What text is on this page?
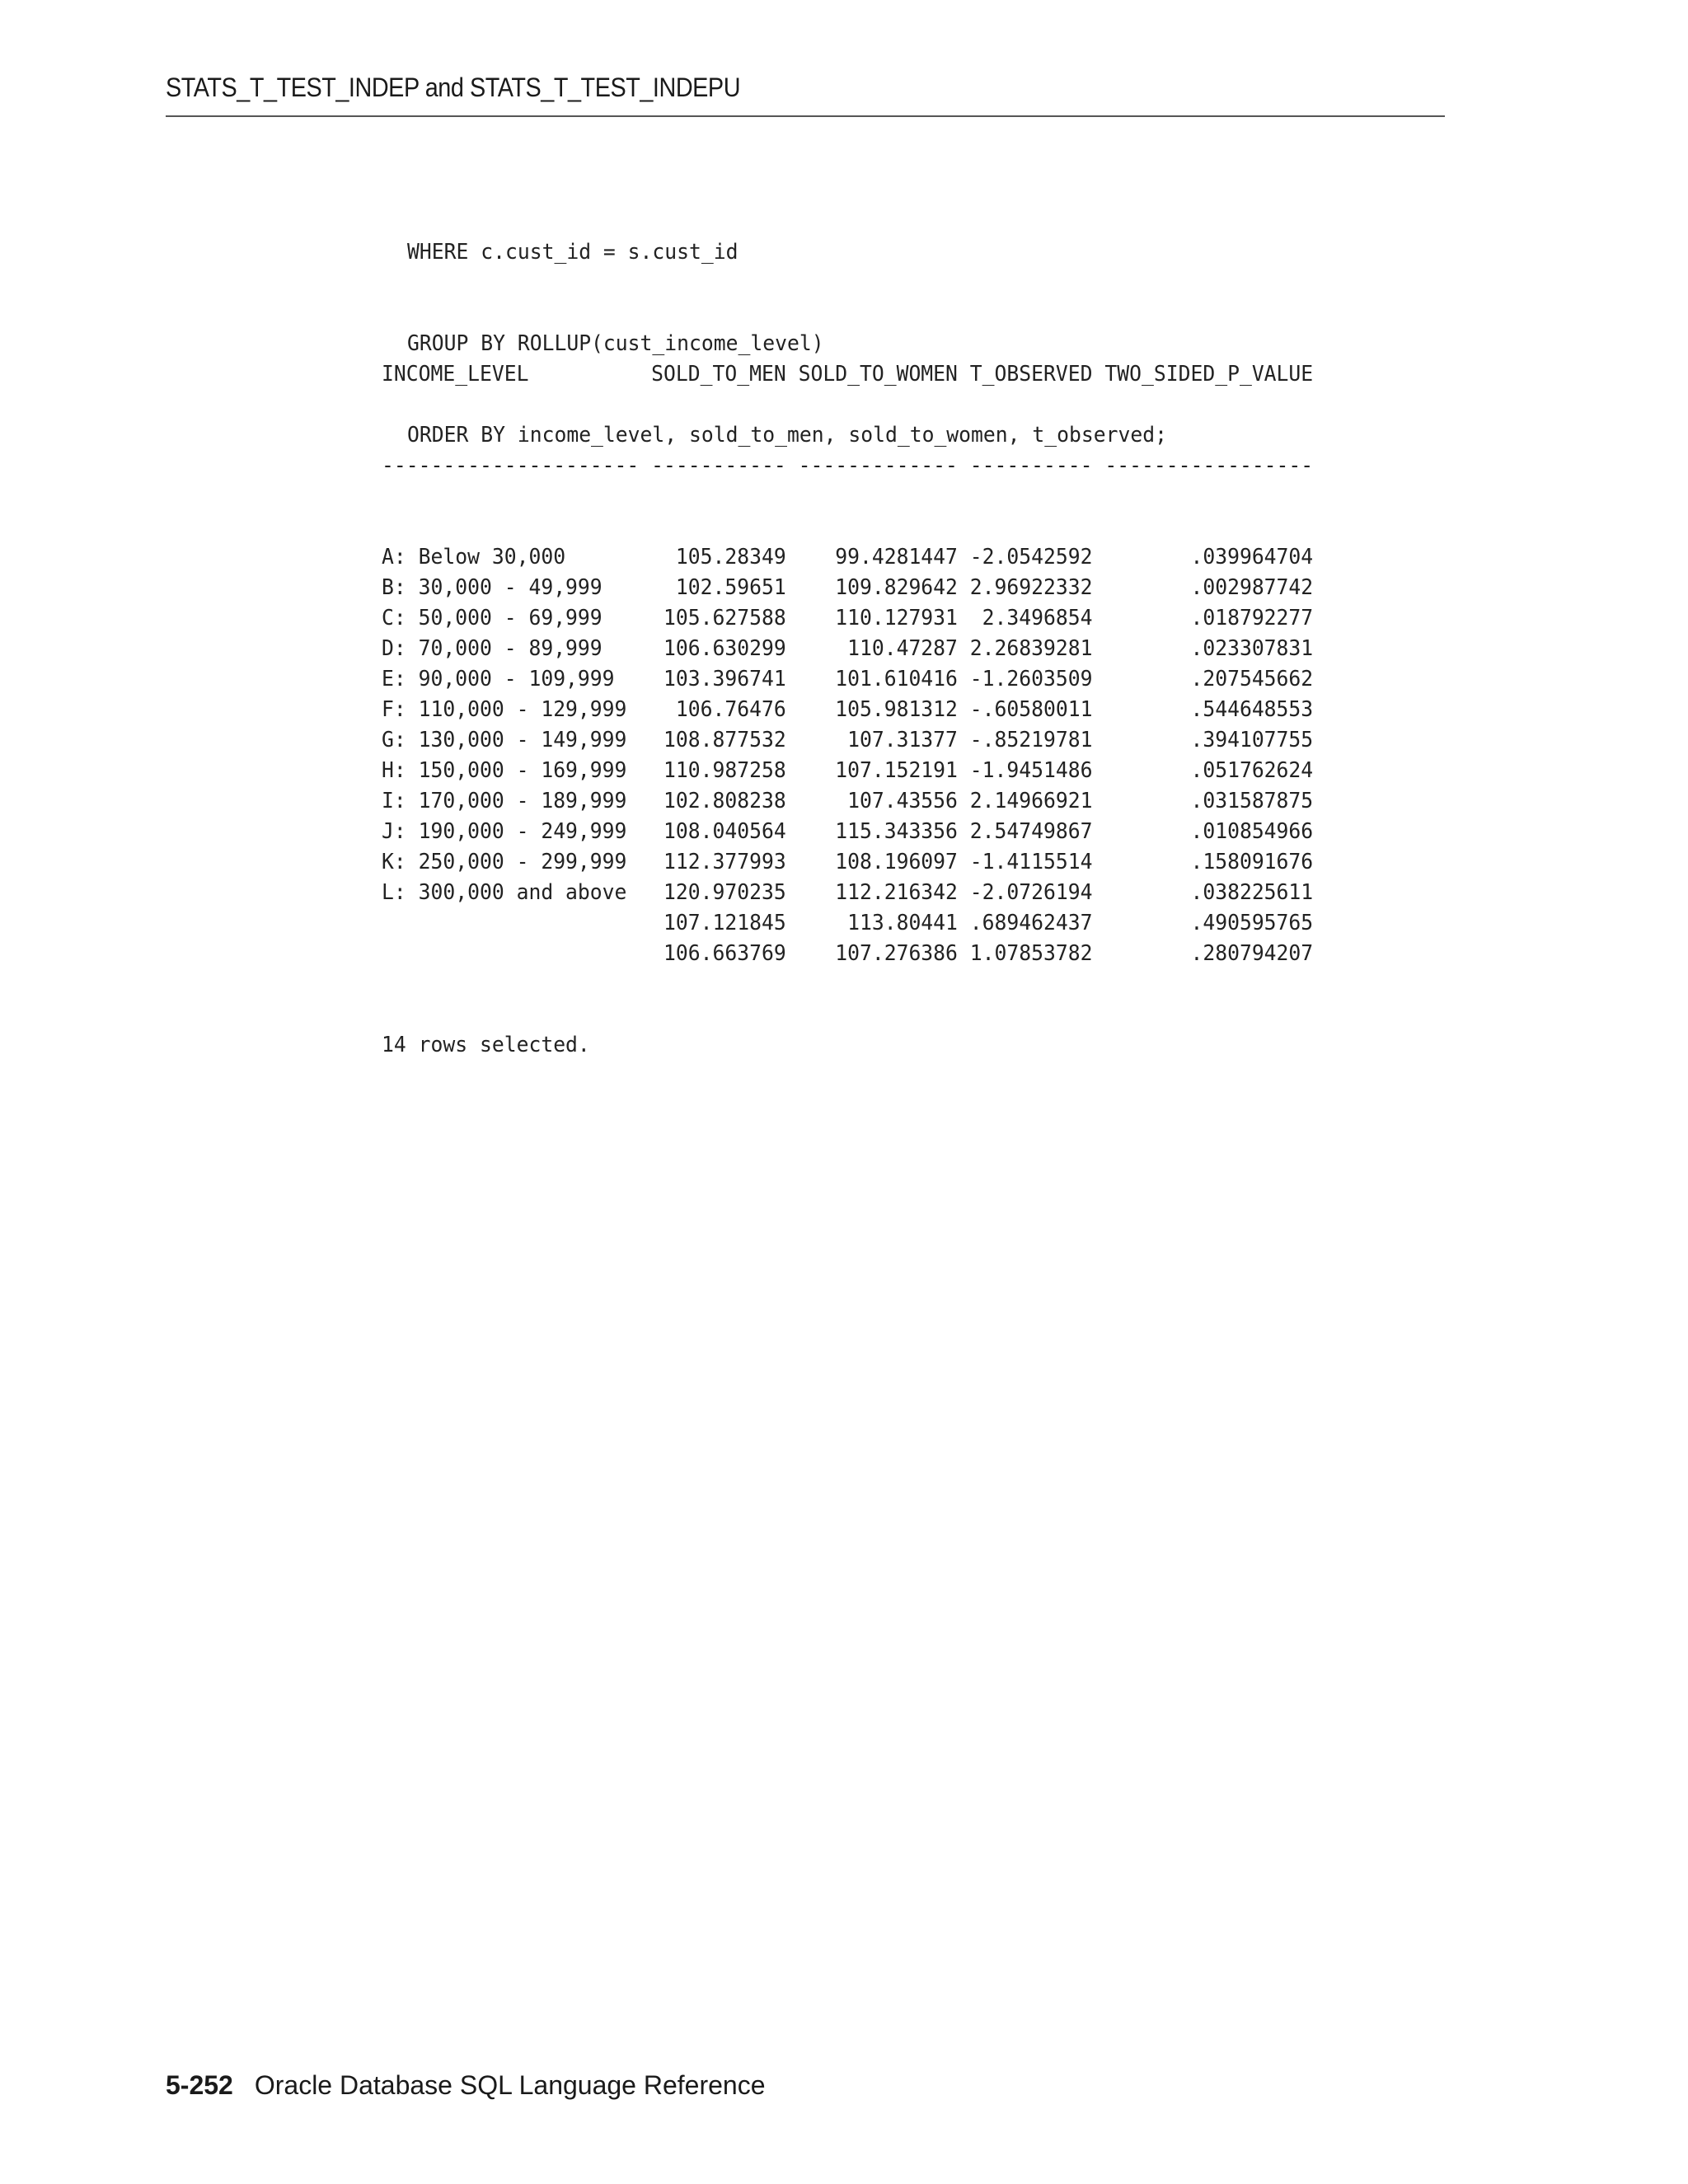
STATS_T_TEST_INDEP and STATS_T_TEST_INDEPU

WHERE c.cust_id = s.cust_id

GROUP BY ROLLUP(cust_income_level)

ORDER BY income_level, sold_to_men, sold_to_women, t_observed;

INCOME_LEVEL          SOLD_TO_MEN SOLD_TO_WOMEN T_OBSERVED TWO_SIDED_P_VALUE

--------------------- ----------- ------------- ---------- -----------------

A: Below 30,000         105.28349    99.4281447 -2.0542592        .039964704
B: 30,000 - 49,999      102.59651    109.829642 2.96922332        .002987742
C: 50,000 - 69,999     105.627588    110.127931  2.3496854        .018792277
D: 70,000 - 89,999     106.630299     110.47287 2.26839281        .023307831
E: 90,000 - 109,999    103.396741    101.610416 -1.2603509        .207545662
F: 110,000 - 129,999    106.76476    105.981312 -.60580011        .544648553
G: 130,000 - 149,999   108.877532     107.31377 -.85219781        .394107755
H: 150,000 - 169,999   110.987258    107.152191 -1.9451486        .051762624
I: 170,000 - 189,999   102.808238     107.43556 2.14966921        .031587875
J: 190,000 - 249,999   108.040564    115.343356 2.54749867        .010854966
K: 250,000 - 299,999   112.377993    108.196097 -1.4115514        .158091676
L: 300,000 and above   120.970235    112.216342 -2.0726194        .038225611
107.121845     113.80441 .689462437        .490595765
106.663769    107.276386 1.07853782        .280794207

14 rows selected.

5-252 Oracle Database SQL Language Reference
